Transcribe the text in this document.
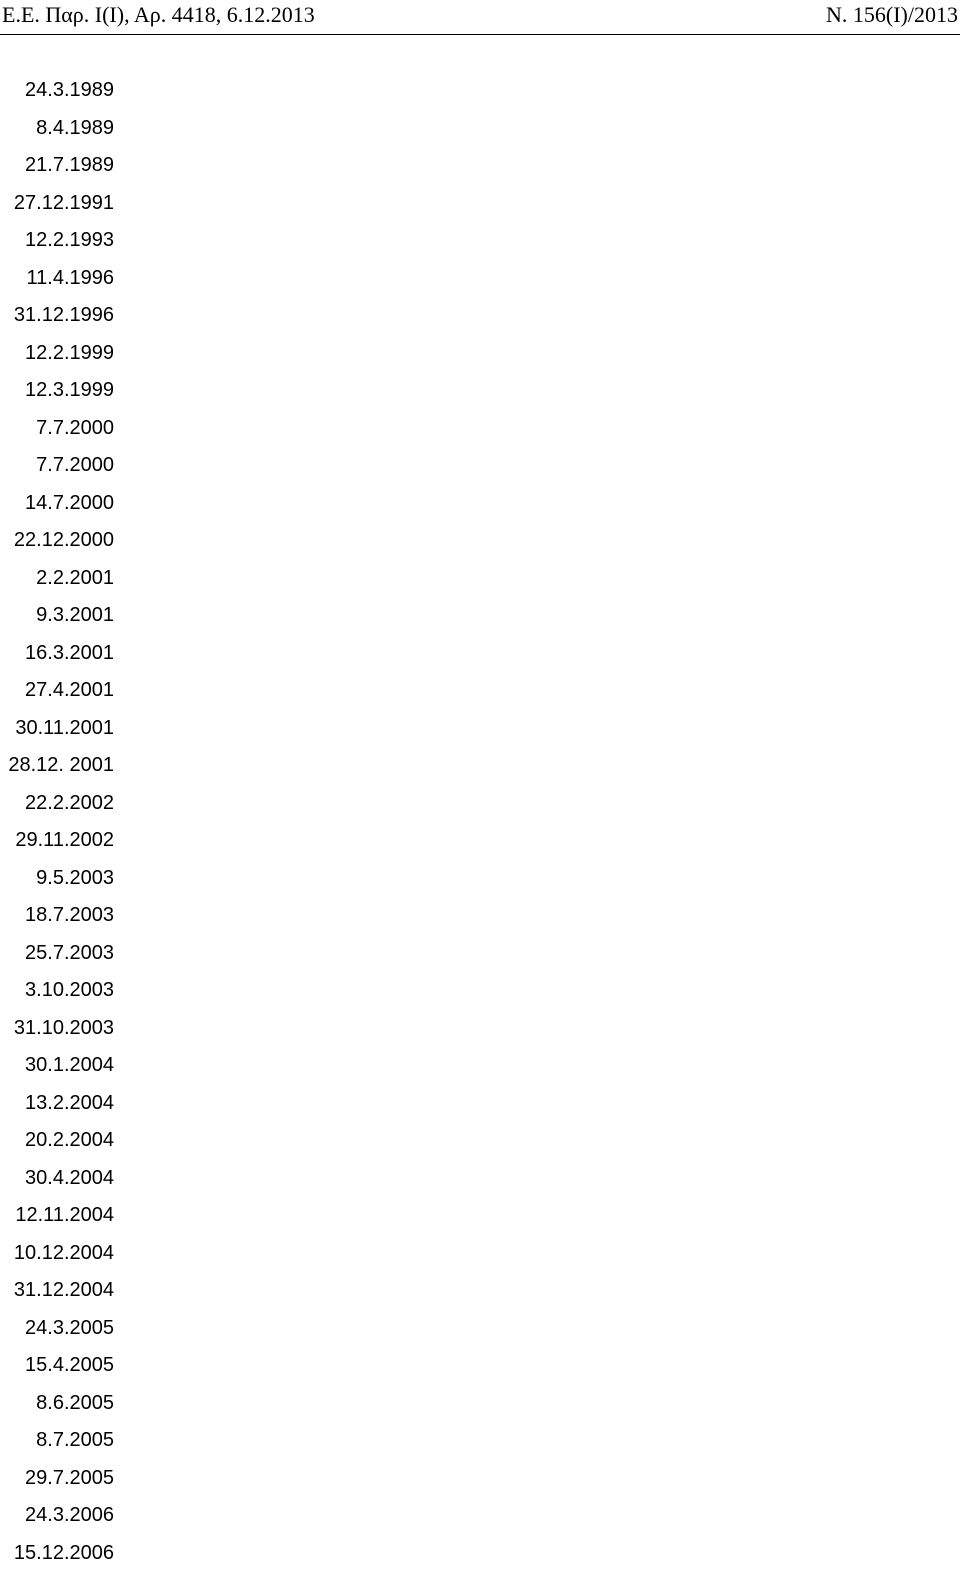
Ε.Ε. Παρ. Ι(Ι), Αρ. 4418, 6.12.2013	Ν. 156(Ι)/2013
24.3.1989
8.4.1989
21.7.1989
27.12.1991
12.2.1993
11.4.1996
31.12.1996
12.2.1999
12.3.1999
7.7.2000
7.7.2000
14.7.2000
22.12.2000
2.2.2001
9.3.2001
16.3.2001
27.4.2001
30.11.2001
28.12. 2001
22.2.2002
29.11.2002
9.5.2003
18.7.2003
25.7.2003
3.10.2003
31.10.2003
30.1.2004
13.2.2004
20.2.2004
30.4.2004
12.11.2004
10.12.2004
31.12.2004
24.3.2005
15.4.2005
8.6.2005
8.7.2005
29.7.2005
24.3.2006
15.12.2006
